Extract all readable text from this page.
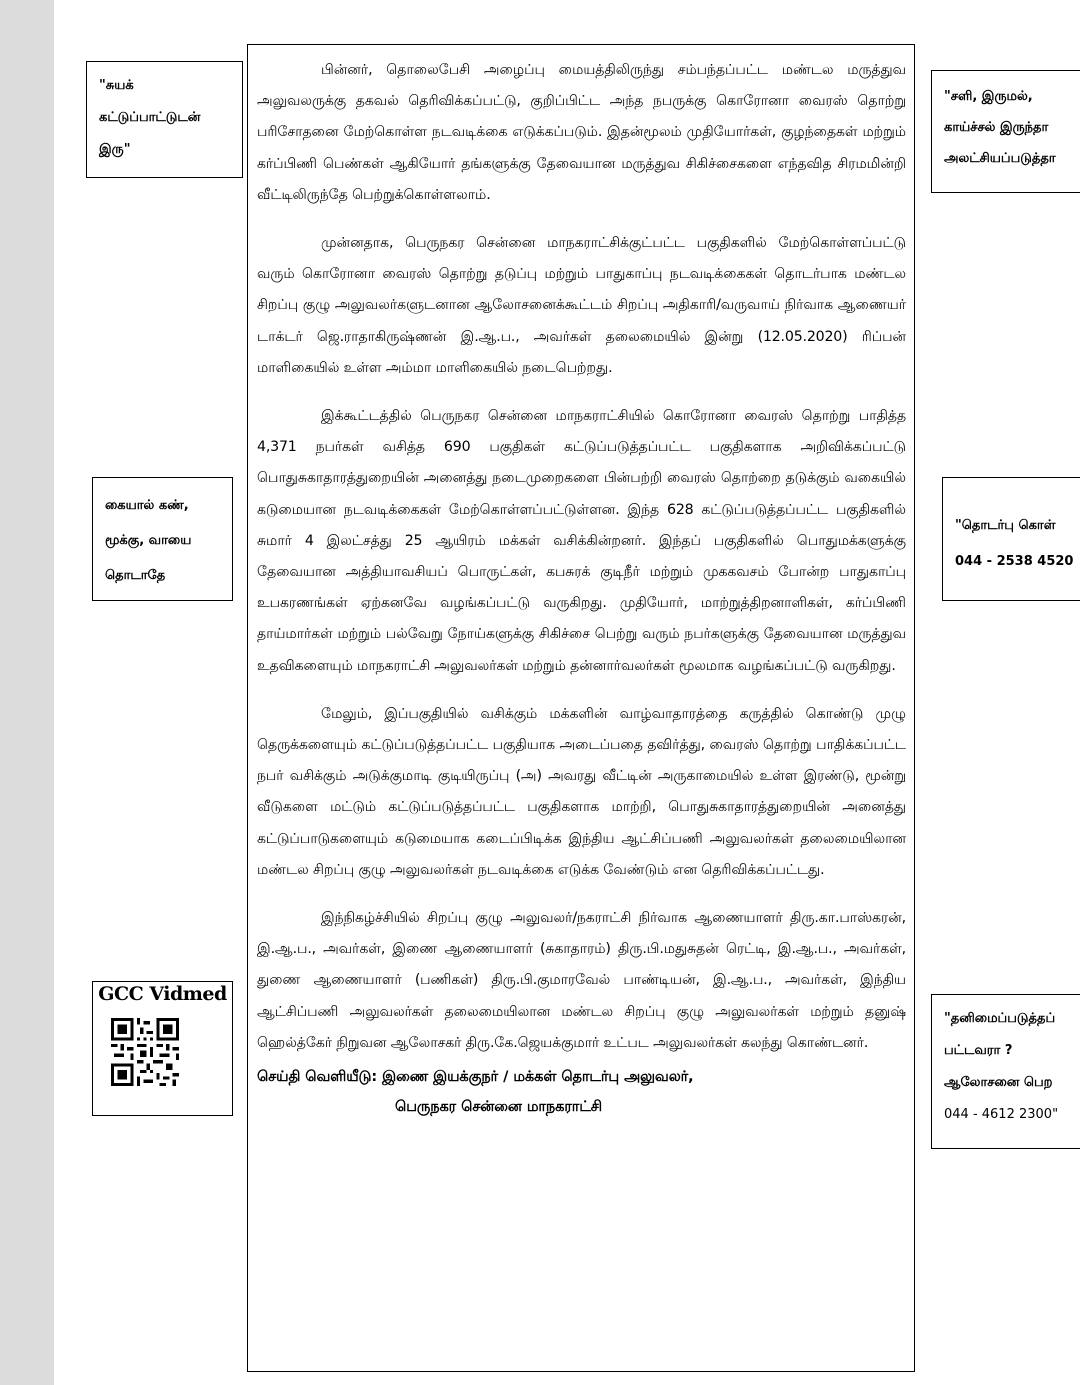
பின்னர், தொலைபேசி அழைப்பு மையத்திலிருந்து சம்பந்தப்பட்ட மண்டல மருத்துவ அலுவலருக்கு தகவல் தெரிவிக்கப்பட்டு, குறிப்பிட்ட அந்த நபருக்கு கொரோனா வைரஸ் தொற்று பரிசோதனை மேற்கொள்ள நடவடிக்கை எடுக்கப்படும். இதன்மூலம் முதியோர்கள், குழந்தைகள் மற்றும் கர்ப்பிணி பெண்கள் ஆகியோர் தங்களுக்கு தேவையான மருத்துவ சிகிச்சைகளை எந்தவித சிரமமின்றி வீட்டிலிருந்தே பெற்றுக்கொள்ளலாம்.

முன்னதாக, பெருநகர சென்னை மாநகராட்சிக்குட்பட்ட பகுதிகளில் மேற்கொள்ளப்பட்டு வரும் கொரோனா வைரஸ் தொற்று தடுப்பு மற்றும் பாதுகாப்பு நடவடிக்கைகள் தொடர்பாக மண்டல சிறப்பு குழு அலுவலர்களுடனான ஆலோசனைக்கூட்டம் சிறப்பு அதிகாரி/வருவாய் நிர்வாக ஆணையர் டாக்டர் ஜெ.ராதாகிருஷ்ணன் இ.ஆ.ப., அவர்கள் தலைமையில் இன்று (12.05.2020) ரிப்பன் மாளிகையில் உள்ள அம்மா மாளிகையில் நடைபெற்றது.

இக்கூட்டத்தில் பெருநகர சென்னை மாநகராட்சியில் கொரோனா வைரஸ் தொற்று பாதித்த 4,371 நபர்கள் வசித்த 690 பகுதிகள் கட்டுப்படுத்தப்பட்ட பகுதிகளாக அறிவிக்கப்பட்டு பொதுசுகாதாரத்துறையின் அனைத்து நடைமுறைகளை பின்பற்றி வைரஸ் தொற்றை தடுக்கும் வகையில் கடுமையான நடவடிக்கைகள் மேற்கொள்ளப்பட்டுள்ளன. இந்த 628 கட்டுப்படுத்தப்பட்ட பகுதிகளில் சுமார் 4 இலட்சத்து 25 ஆயிரம் மக்கள் வசிக்கின்றனர். இந்தப் பகுதிகளில் பொதுமக்களுக்கு தேவையான அத்தியாவசியப் பொருட்கள், கபசுரக் குடிநீர் மற்றும் முககவசம் போன்ற பாதுகாப்பு உபகரணங்கள் ஏற்கனவே வழங்கப்பட்டு வருகிறது. முதியோர், மாற்றுத்திறனாளிகள், கர்ப்பிணி தாய்மார்கள் மற்றும் பல்வேறு நோய்களுக்கு சிகிச்சை பெற்று வரும் நபர்களுக்கு தேவையான மருத்துவ உதவிகளையும் மாநகராட்சி அலுவலர்கள் மற்றும் தன்னார்வலர்கள் மூலமாக வழங்கப்பட்டு வருகிறது.

மேலும், இப்பகுதியில் வசிக்கும் மக்களின் வாழ்வாதாரத்தை கருத்தில் கொண்டு முழு தெருக்களையும் கட்டுப்படுத்தப்பட்ட பகுதியாக அடைப்பதை தவிர்த்து, வைரஸ் தொற்று பாதிக்கப்பட்ட நபர் வசிக்கும் அடுக்குமாடி குடியிருப்பு (அ) அவரது வீட்டின் அருகாமையில் உள்ள இரண்டு, மூன்று வீடுகளை மட்டும் கட்டுப்படுத்தப்பட்ட பகுதிகளாக மாற்றி, பொதுசுகாதாரத்துறையின் அனைத்து கட்டுப்பாடுகளையும் கடுமையாக கடைப்பிடிக்க இந்திய ஆட்சிப்பணி அலுவலர்கள் தலைமையிலான மண்டல சிறப்பு குழு அலுவலர்கள் நடவடிக்கை எடுக்க வேண்டும் என தெரிவிக்கப்பட்டது.

இந்நிகழ்ச்சியில் சிறப்பு குழு அலுவலர்/நகராட்சி நிர்வாக ஆணையாளர் திரு.கா.பாஸ்கரன், இ.ஆ.ப., அவர்கள், இணை ஆணையாளர் (சுகாதாரம்) திரு.பி.மதுசுதன் ரெட்டி, இ.ஆ.ப., அவர்கள், துணை ஆணையாளர் (பணிகள்) திரு.பி.குமாரவேல் பாண்டியன், இ.ஆ.ப., அவர்கள், இந்திய ஆட்சிப்பணி அலுவலர்கள் தலைமையிலான மண்டல சிறப்பு குழு அலுவலர்கள் மற்றும் தனுஷ் ஹெல்த்கேர் நிறுவன ஆலோசகர் திரு.கே.ஜெயக்குமார் உட்பட அலுவலர்கள் கலந்து கொண்டனர்.

செய்தி வெளியீடு: இணை இயக்குநர் / மக்கள் தொடர்பு அலுவலர்,

பெருநகர சென்னை மாநகராட்சி

"சுயக்

கட்டுப்பாட்டுடன்

இரு"

கையால் கண்,

மூக்கு, வாயை

தொடாதே

GCC Vidmed

"சளி, இருமல்,

காய்ச்சல் இருந்தா

அலட்சியப்படுத்தா

"தொடர்பு கொள்

044 - 2538 4520

"தனிமைப்படுத்தப்

பட்டவரா ?

ஆலோசனை பெற

044 - 4612 2300"
